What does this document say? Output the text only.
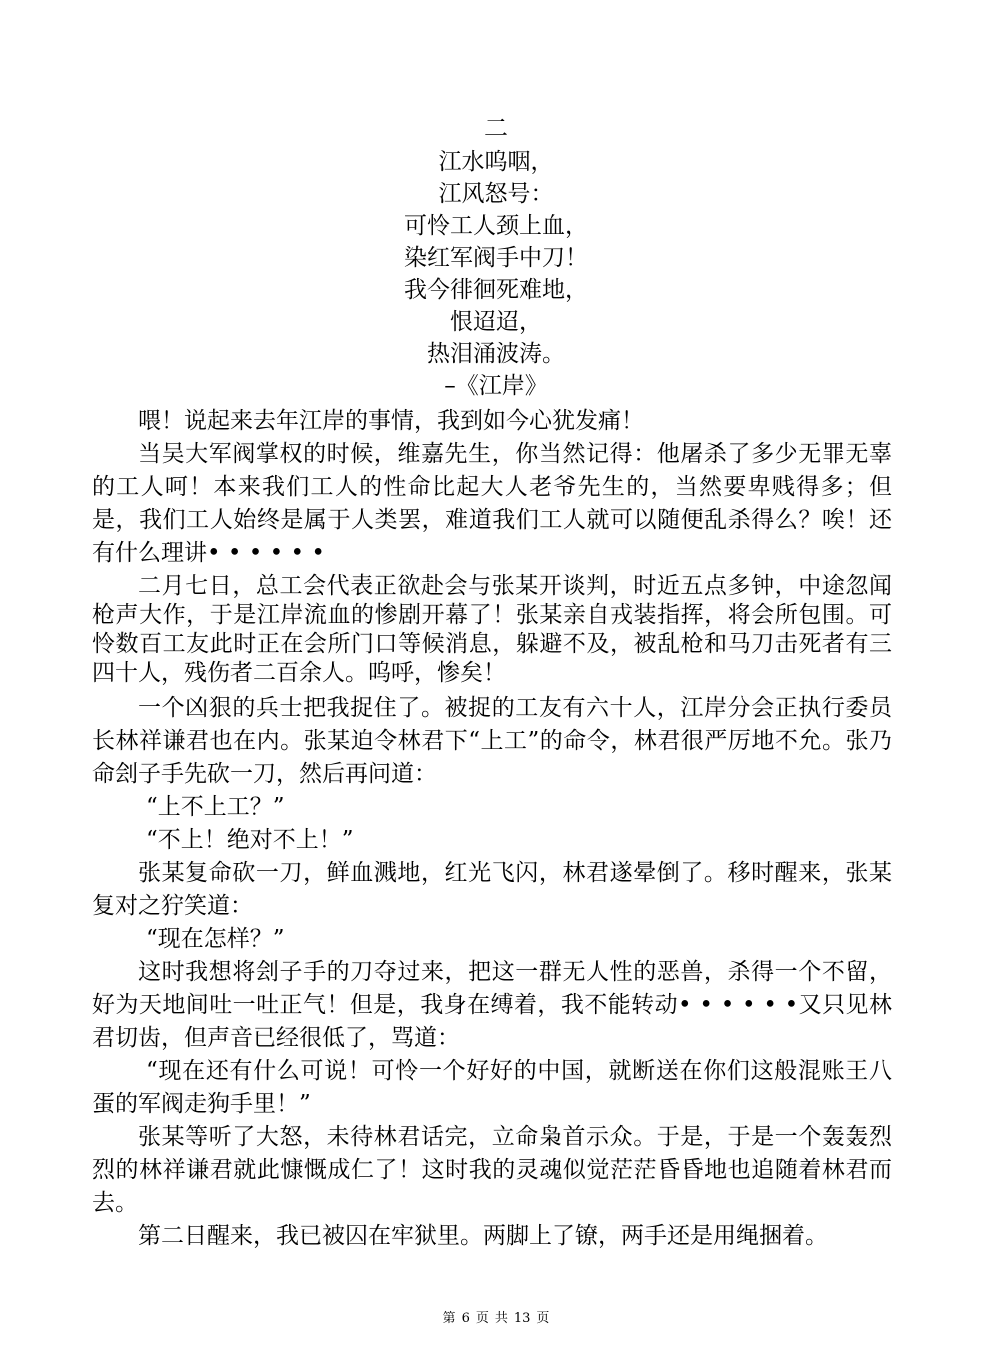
二
江水呜咽，
江风怒号：
可怜工人颈上血，
染红军阀手中刀！
我今徘徊死难地，
恨迢迢，
热泪涌波涛。
–《江岸》

喂！说起来去年江岸的事情，我到如今心犹发痛！

当吴大军阀掌权的时候，维嘉先生，你当然记得：他屠杀了多少无罪无辜的工人呵！本来我们工人的性命比起大人老爷先生的，当然要卑贱得多；但是，我们工人始终是属于人类罢，难道我们工人就可以随便乱杀得么？唉！还有什么理讲• • • • • •

二月七日，总工会代表正欲赴会与张某开谈判，时近五点多钟，中途忽闻枪声大作，于是江岸流血的惨剧开幕了！张某亲自戎装指挥，将会所包围。可怜数百工友此时正在会所门口等候消息，躲避不及，被乱枪和马刀击死者有三四十人，残伤者二百余人。呜呼，惨矣！

一个凶狠的兵士把我捉住了。被捉的工友有六十人，江岸分会正执行委员长林祥谦君也在内。张某迫令林君下“上工”的命令，林君很严厉地不允。张乃命刽子手先砍一刀，然后再问道：

“上不上工？”

“不上！绝对不上！”

张某复命砍一刀，鲜血溅地，红光飞闪，林君遂晕倒了。移时醒来，张某复对之狞笑道：

“现在怎样？”

这时我想将刽子手的刀夺过来，把这一群无人性的恶兽，杀得一个不留，好为天地间吐一吐正气！但是，我身在缚着，我不能转动• • • • • •又只见林君切齿，但声音已经很低了，骂道：

“现在还有什么可说！可怜一个好好的中国，就断送在你们这般混账王八蛋的军阀走狗手里！”

张某等听了大怒，未待林君话完，立命枭首示众。于是，于是一个轰轰烈烈的林祥谦君就此慷慨成仁了！这时我的灵魂似觉茫茫昏昏地也追随着林君而去。

第二日醒来，我已被囚在牢狱里。两脚上了镣，两手还是用绳捆着。

第 6 页 共 13 页
